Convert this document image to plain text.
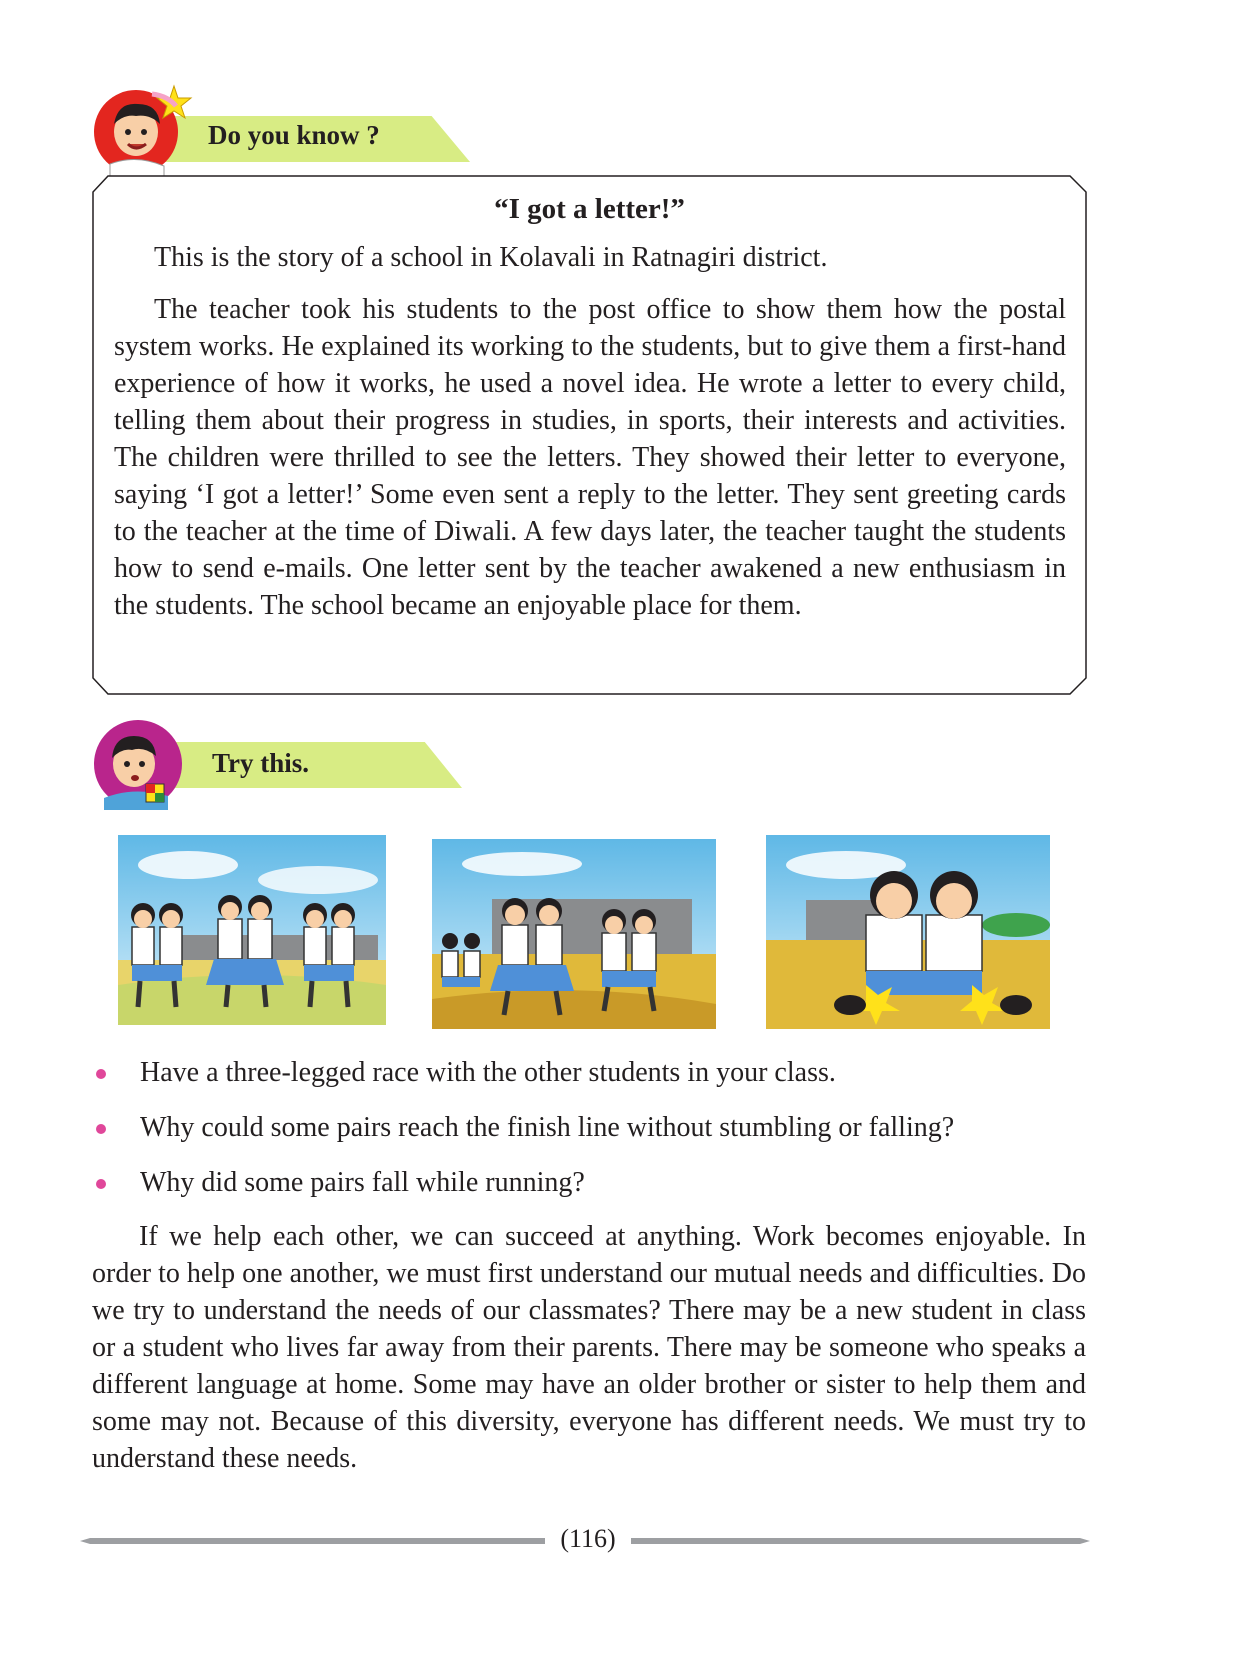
Do you know ?
“I got a letter!”

This is the story of a school in Kolavali in Ratnagiri district.

The teacher took his students to the post office to show them how the postal system works. He explained its working to the students, but to give them a first-hand experience of how it works, he used a novel idea. He wrote a letter to every child, telling them about their progress in studies, in sports, their interests and activities. The children were thrilled to see the letters. They showed their letter to everyone, saying ‘I got a letter!’ Some even sent a reply to the letter. They sent greeting cards to the teacher at the time of Diwali. A few days later, the teacher taught the students how to send e-mails. One letter sent by the teacher awakened a new enthusiasm in the students. The school became an enjoyable place for them.

Try this.
Have a three-legged race with the other students in your class.
Why could some pairs reach the finish line without stumbling or falling?
Why did some pairs fall while running?

If we help each other, we can succeed at anything. Work becomes enjoyable. In order to help one another, we must first understand our mutual needs and difficulties. Do we try to understand the needs of our classmates? There may be a new student in class or a student who lives far away from their parents. There may be someone who speaks a different language at home. Some may have an older brother or sister to help them and some may not. Because of this diversity, everyone has different needs. We must try to understand these needs.

(116)
